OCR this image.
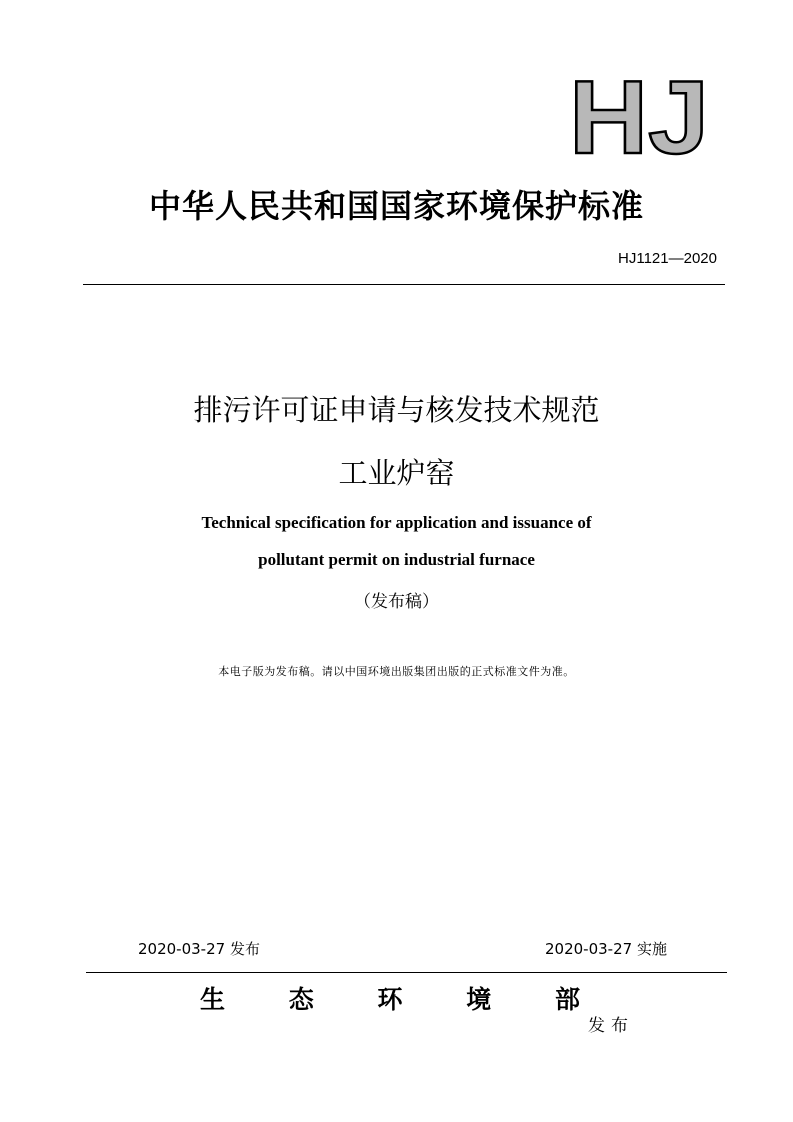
HJ
中华人民共和国国家环境保护标准
HJ1121—2020
排污许可证申请与核发技术规范
工业炉窑
Technical specification for application and issuance of
pollutant permit on industrial furnace
（发布稿）
本电子版为发布稿。请以中国环境出版集团出版的正式标准文件为准。
2020-03-27 发布	2020-03-27 实施
生	态	环	境	部
发布
